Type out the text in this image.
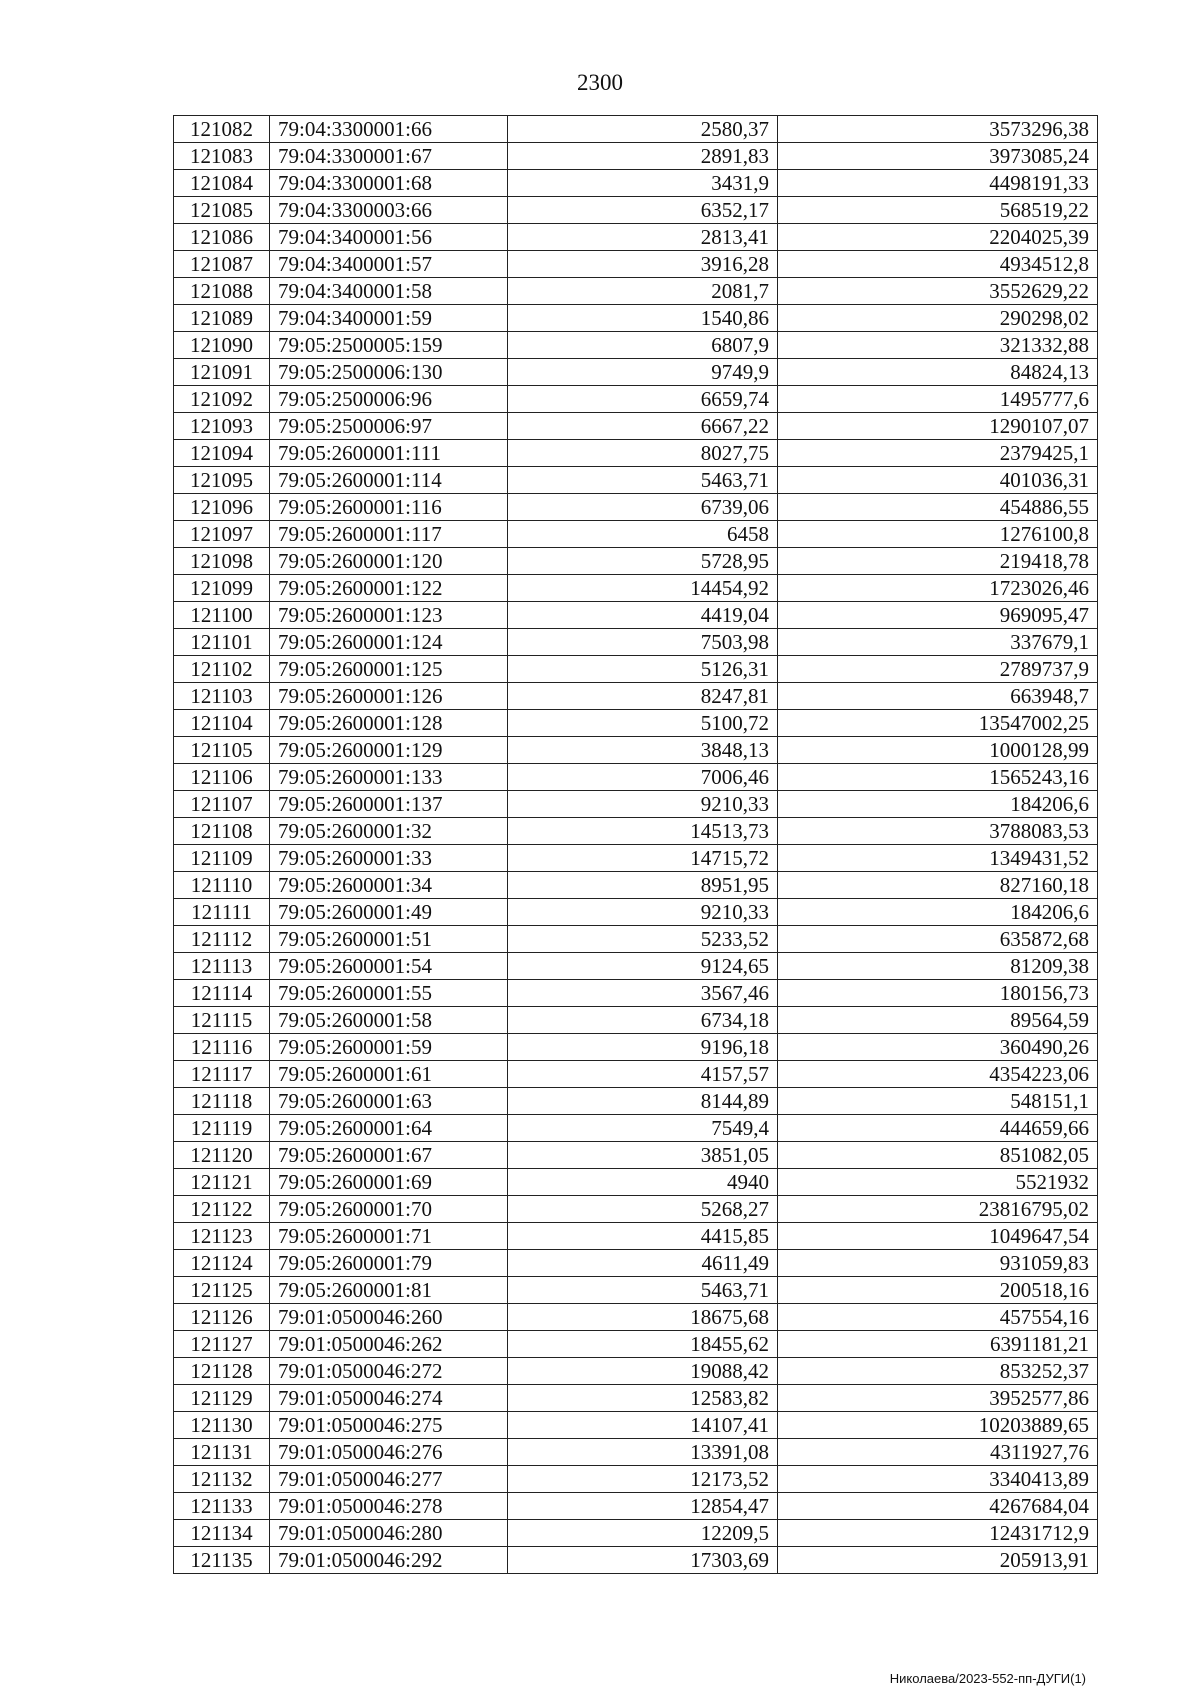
2300
121082	79:04:3300001:66	2580,37	3573296,38
121083	79:04:3300001:67	2891,83	3973085,24
121084	79:04:3300001:68	3431,9	4498191,33
121085	79:04:3300003:66	6352,17	568519,22
121086	79:04:3400001:56	2813,41	2204025,39
121087	79:04:3400001:57	3916,28	4934512,8
121088	79:04:3400001:58	2081,7	3552629,22
121089	79:04:3400001:59	1540,86	290298,02
121090	79:05:2500005:159	6807,9	321332,88
121091	79:05:2500006:130	9749,9	84824,13
121092	79:05:2500006:96	6659,74	1495777,6
121093	79:05:2500006:97	6667,22	1290107,07
121094	79:05:2600001:111	8027,75	2379425,1
121095	79:05:2600001:114	5463,71	401036,31
121096	79:05:2600001:116	6739,06	454886,55
121097	79:05:2600001:117	6458	1276100,8
121098	79:05:2600001:120	5728,95	219418,78
121099	79:05:2600001:122	14454,92	1723026,46
121100	79:05:2600001:123	4419,04	969095,47
121101	79:05:2600001:124	7503,98	337679,1
121102	79:05:2600001:125	5126,31	2789737,9
121103	79:05:2600001:126	8247,81	663948,7
121104	79:05:2600001:128	5100,72	13547002,25
121105	79:05:2600001:129	3848,13	1000128,99
121106	79:05:2600001:133	7006,46	1565243,16
121107	79:05:2600001:137	9210,33	184206,6
121108	79:05:2600001:32	14513,73	3788083,53
121109	79:05:2600001:33	14715,72	1349431,52
121110	79:05:2600001:34	8951,95	827160,18
121111	79:05:2600001:49	9210,33	184206,6
121112	79:05:2600001:51	5233,52	635872,68
121113	79:05:2600001:54	9124,65	81209,38
121114	79:05:2600001:55	3567,46	180156,73
121115	79:05:2600001:58	6734,18	89564,59
121116	79:05:2600001:59	9196,18	360490,26
121117	79:05:2600001:61	4157,57	4354223,06
121118	79:05:2600001:63	8144,89	548151,1
121119	79:05:2600001:64	7549,4	444659,66
121120	79:05:2600001:67	3851,05	851082,05
121121	79:05:2600001:69	4940	5521932
121122	79:05:2600001:70	5268,27	23816795,02
121123	79:05:2600001:71	4415,85	1049647,54
121124	79:05:2600001:79	4611,49	931059,83
121125	79:05:2600001:81	5463,71	200518,16
121126	79:01:0500046:260	18675,68	457554,16
121127	79:01:0500046:262	18455,62	6391181,21
121128	79:01:0500046:272	19088,42	853252,37
121129	79:01:0500046:274	12583,82	3952577,86
121130	79:01:0500046:275	14107,41	10203889,65
121131	79:01:0500046:276	13391,08	4311927,76
121132	79:01:0500046:277	12173,52	3340413,89
121133	79:01:0500046:278	12854,47	4267684,04
121134	79:01:0500046:280	12209,5	12431712,9
121135	79:01:0500046:292	17303,69	205913,91
Николаева/2023-552-пп-ДУГИ(1)
